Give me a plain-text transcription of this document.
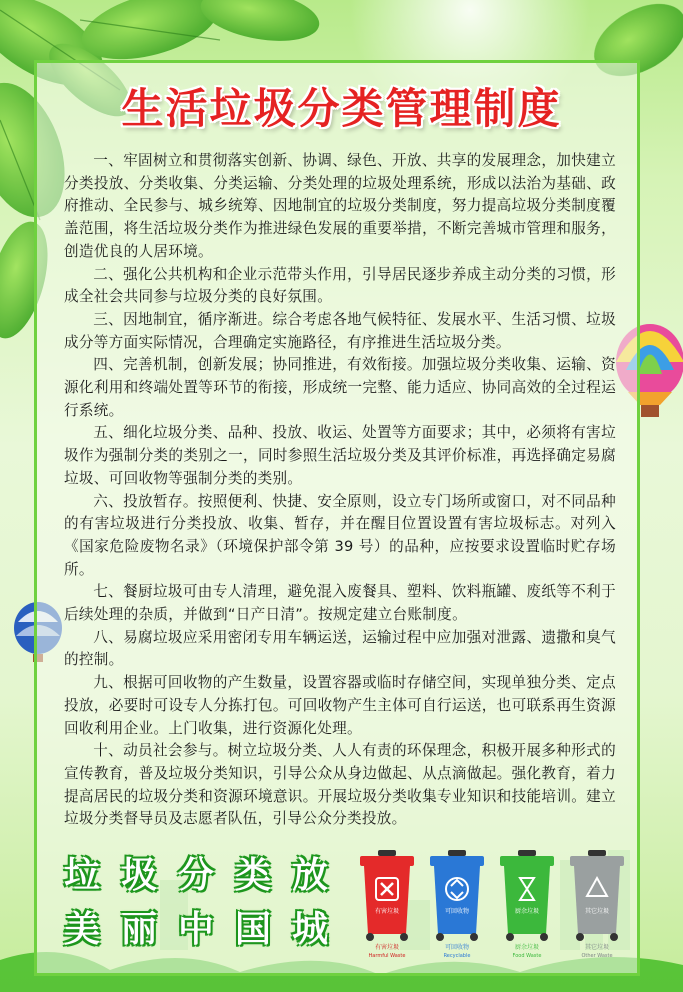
生活垃圾分类管理制度

一、牢固树立和贯彻落实创新、协调、绿色、开放、共享的发展理念，加快建立分类投放、分类收集、分类运输、分类处理的垃圾处理系统，形成以法治为基础、政府推动、全民参与、城乡统筹、因地制宜的垃圾分类制度，努力提高垃圾分类制度覆盖范围，将生活垃圾分类作为推进绿色发展的重要举措，不断完善城市管理和服务，创造优良的人居环境。

二、强化公共机构和企业示范带头作用，引导居民逐步养成主动分类的习惯，形成全社会共同参与垃圾分类的良好氛围。

三、因地制宜，循序渐进。综合考虑各地气候特征、发展水平、生活习惯、垃圾成分等方面实际情况，合理确定实施路径，有序推进生活垃圾分类。

四、完善机制，创新发展；协同推进，有效衔接。加强垃圾分类收集、运输、资源化利用和终端处置等环节的衔接，形成统一完整、能力适应、协同高效的全过程运行系统。

五、细化垃圾分类、品种、投放、收运、处置等方面要求；其中，必须将有害垃圾作为强制分类的类别之一，同时参照生活垃圾分类及其评价标准，再选择确定易腐垃圾、可回收物等强制分类的类别。

六、投放暂存。按照便利、快捷、安全原则，设立专门场所或窗口，对不同品种的有害垃圾进行分类投放、收集、暂存，并在醒目位置设置有害垃圾标志。对列入《国家危险废物名录》（环境保护部令第 39 号）的品种，应按要求设置临时贮存场所。

七、餐厨垃圾可由专人清理，避免混入废餐具、塑料、饮料瓶罐、废纸等不利于后续处理的杂质，并做到“日产日清”。按规定建立台账制度。

八、易腐垃圾应采用密闭专用车辆运送，运输过程中应加强对泄露、遗撒和臭气的控制。

九、根据可回收物的产生数量，设置容器或临时存储空间，实现单独分类、定点投放，必要时可设专人分拣打包。可回收物产生主体可自行运送，也可联系再生资源回收利用企业。上门收集，进行资源化处理。

十、动员社会参与。树立垃圾分类、人人有责的环保理念，积极开展多种形式的宣传教育，普及垃圾分类知识，引导公众从身边做起、从点滴做起。强化教育，着力提高居民的垃圾分类和资源环境意识。开展垃圾分类收集专业知识和技能培训。建立垃圾分类督导员及志愿者队伍，引导公众分类投放。

垃 圾 分 类 放
美 丽 中 国 城	有害垃圾
有害垃圾
Harmful Waste
可回收物
可回收物
Recyclable
厨余垃圾
厨余垃圾
Food Waste
其它垃圾
其它垃圾
Other Waste
